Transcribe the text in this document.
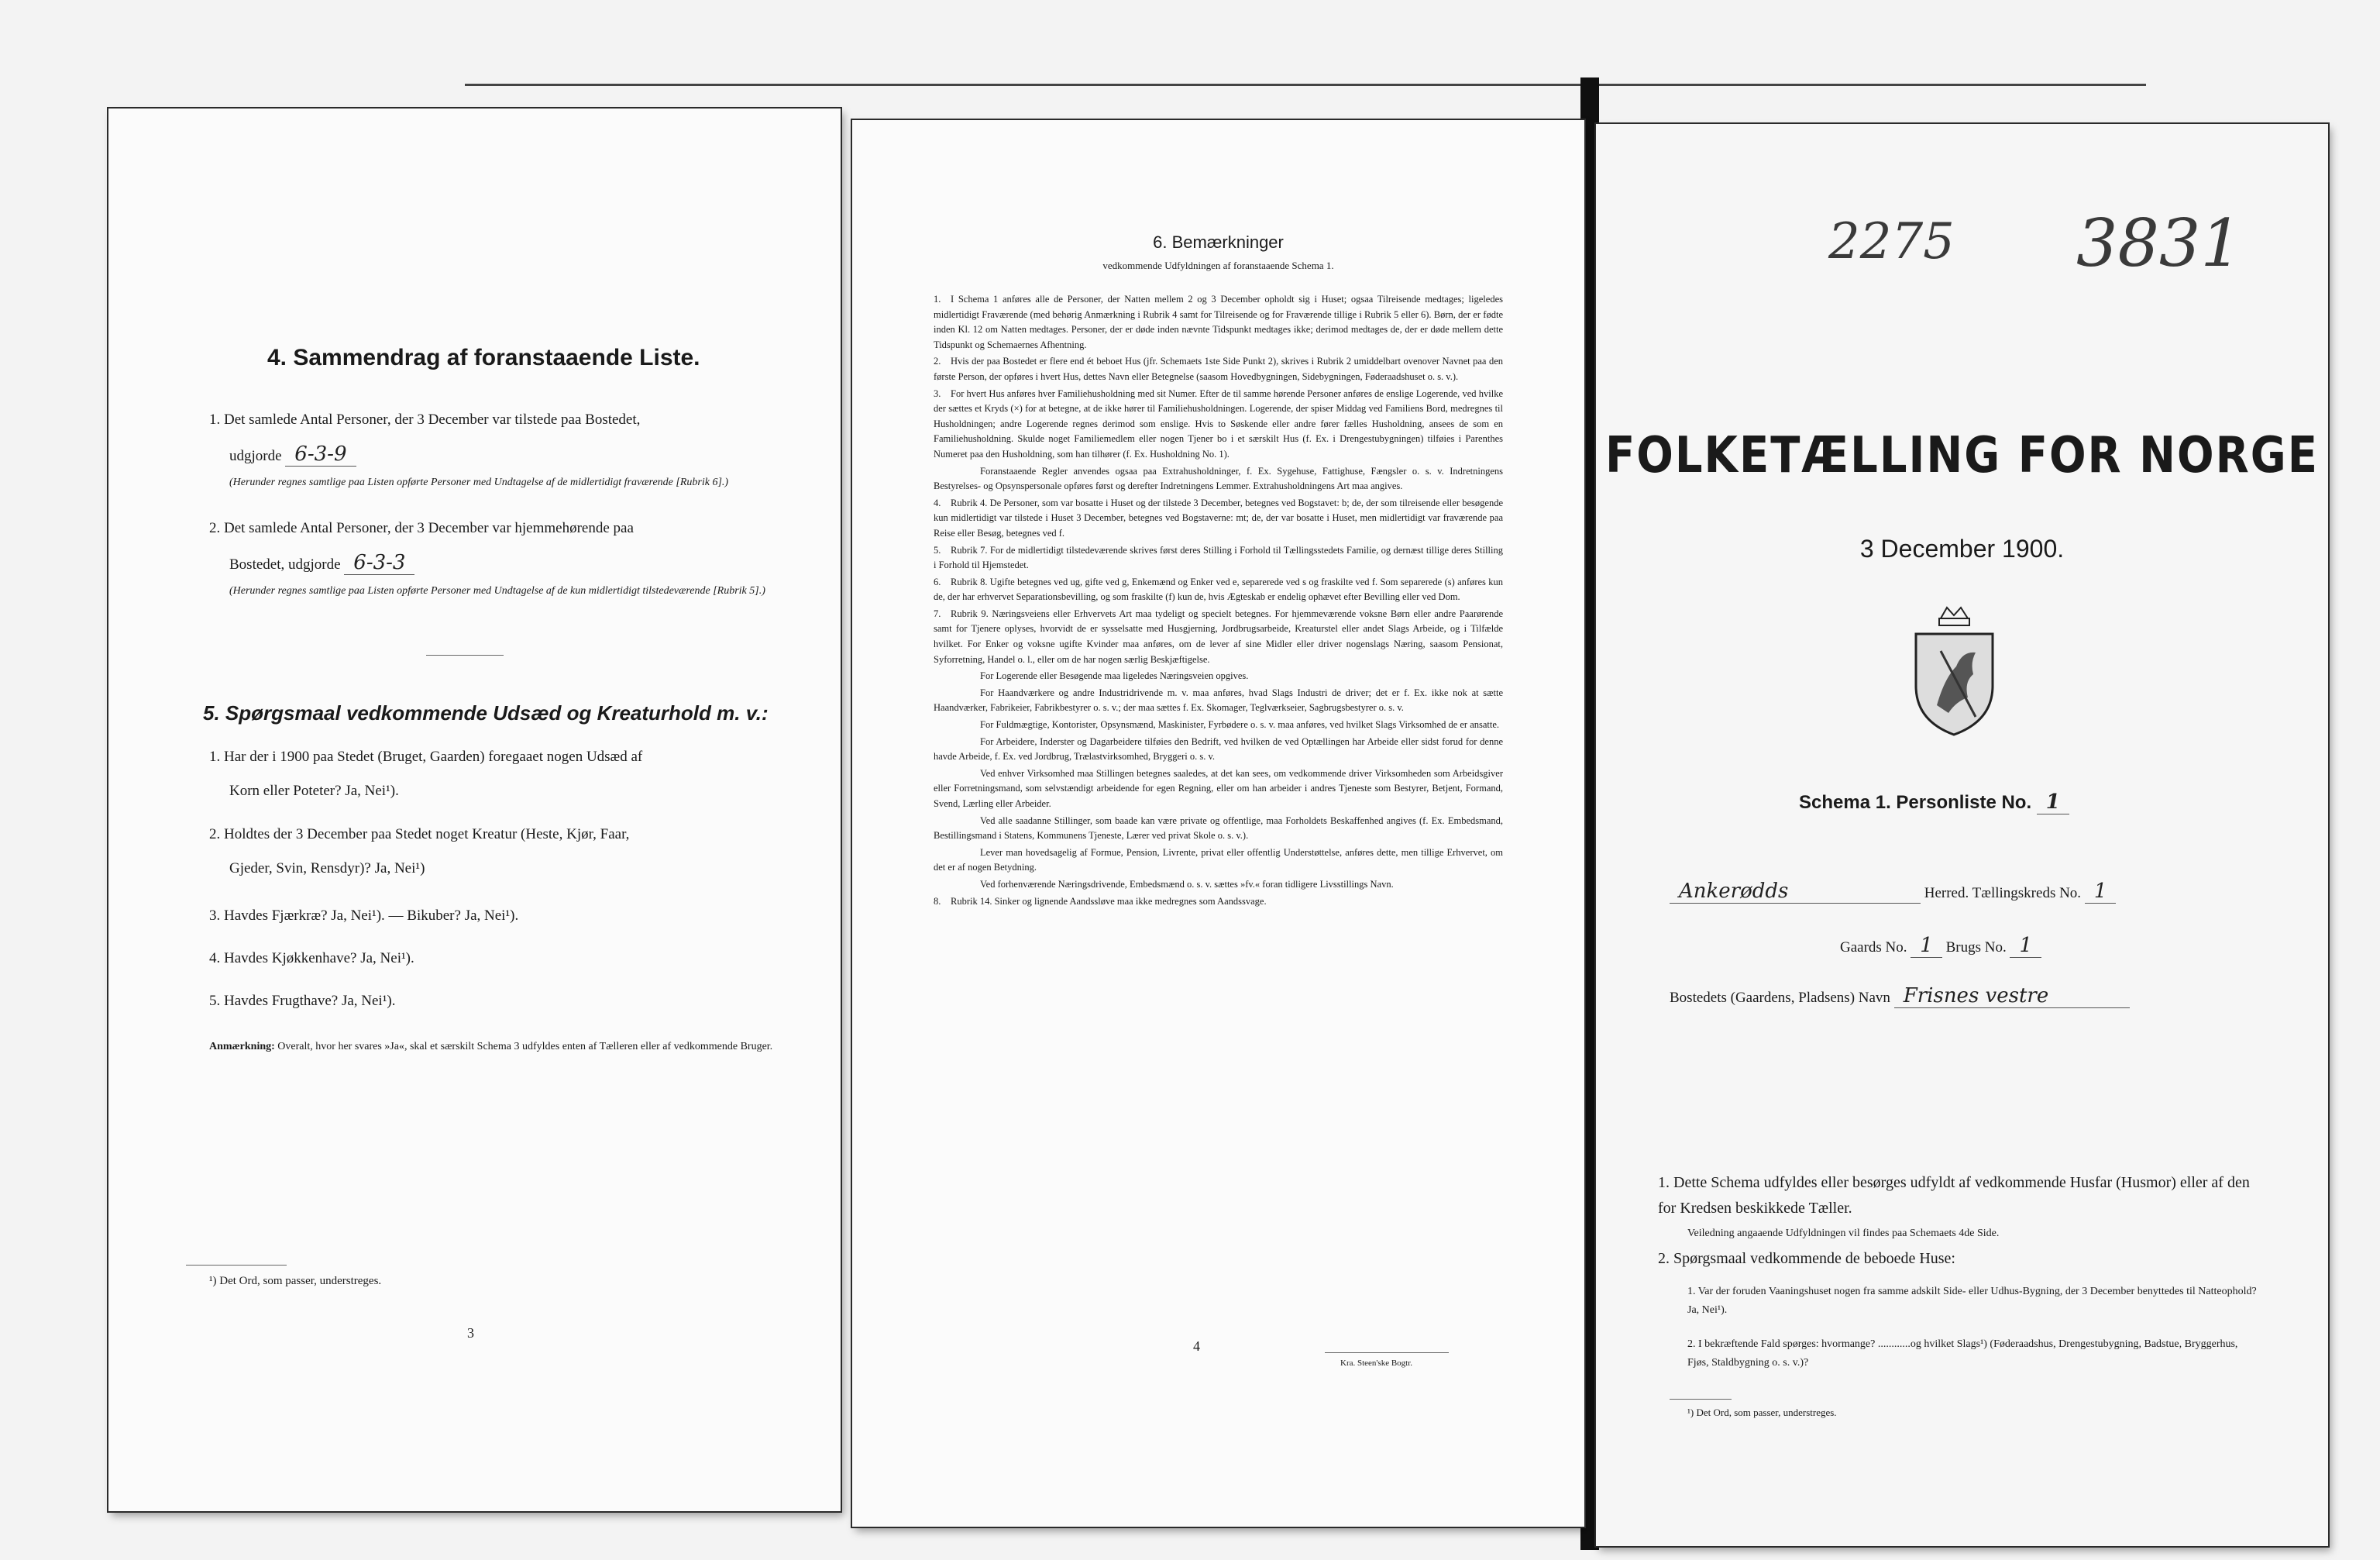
4. Sammendrag af foranstaaende Liste.
1. Det samlede Antal Personer, der 3 December var tilstede paa Bostedet,
udgjorde 6-3-9
(Herunder regnes samtlige paa Listen opførte Personer med Undtagelse af de midlertidigt fraværende [Rubrik 6].)
2. Det samlede Antal Personer, der 3 December var hjemmehørende paa
Bostedet, udgjorde 6-3-3
(Herunder regnes samtlige paa Listen opførte Personer med Undtagelse af de kun midlertidigt tilstedeværende [Rubrik 5].)
5. Spørgsmaal vedkommende Udsæd og Kreaturhold m. v.:
1. Har der i 1900 paa Stedet (Bruget, Gaarden) foregaaet nogen Udsæd af
Korn eller Poteter? Ja, Nei¹).
2. Holdtes der 3 December paa Stedet noget Kreatur (Heste, Kjør, Faar,
Gjeder, Svin, Rensdyr)? Ja, Nei¹)
3. Havdes Fjærkræ? Ja, Nei¹). — Bikuber? Ja, Nei¹).
4. Havdes Kjøkkenhave? Ja, Nei¹).
5. Havdes Frugthave? Ja, Nei¹).
Anmærkning: Overalt, hvor her svares »Ja«, skal et særskilt Schema 3 udfyldes enten af Tælleren eller af vedkommende Bruger.
¹) Det Ord, som passer, understreges.
3
6. Bemærkninger
vedkommende Udfyldningen af foranstaaende Schema 1.
1. I Schema 1 anføres alle de Personer, der Natten mellem 2 og 3 December opholdt sig i Huset; ogsaa Tilreisende medtages; ligeledes midlertidigt Fraværende (med behørig Anmærkning i Rubrik 4 samt for Tilreisende og for Fraværende tillige i Rubrik 5 eller 6). Børn, der er fødte inden Kl. 12 om Natten medtages. Personer, der er døde inden nævnte Tidspunkt medtages ikke; derimod medtages de, der er døde mellem dette Tidspunkt og Schemaernes Afhentning.
2. Hvis der paa Bostedet er flere end ét beboet Hus (jfr. Schemaets 1ste Side Punkt 2), skrives i Rubrik 2 umiddelbart ovenover Navnet paa den første Person, der opføres i hvert Hus, dettes Navn eller Betegnelse (saasom Hovedbygningen, Sidebygningen, Føderaadshuset o. s. v.).
3. For hvert Hus anføres hver Familiehusholdning med sit Numer. Efter de til samme hørende Personer anføres de enslige Logerende, ved hvilke der sættes et Kryds (×) for at betegne, at de ikke hører til Familiehusholdningen. Logerende, der spiser Middag ved Familiens Bord, medregnes til Husholdningen; andre Logerende regnes derimod som enslige. Hvis to Søskende eller andre fører fælles Husholdning, ansees de som en Familiehusholdning. Skulde noget Familiemedlem eller nogen Tjener bo i et særskilt Hus (f. Ex. i Drengestubygningen) tilføies i Parenthes Numeret paa den Husholdning, som han tilhører (f. Ex. Husholdning No. 1).
Foranstaaende Regler anvendes ogsaa paa Extrahusholdninger, f. Ex. Sygehuse, Fattighuse, Fængsler o. s. v. Indretningens Bestyrelses- og Opsynspersonale opføres først og derefter Indretningens Lemmer. Extrahusholdningens Art maa angives.
4. Rubrik 4. De Personer, som var bosatte i Huset og der tilstede 3 December, betegnes ved Bogstavet: b; de, der som tilreisende eller besøgende kun midlertidigt var tilstede i Huset 3 December, betegnes ved Bogstaverne: mt; de, der var bosatte i Huset, men midlertidigt var fraværende paa Reise eller Besøg, betegnes ved f.
5. Rubrik 7. For de midlertidigt tilstedeværende skrives først deres Stilling i Forhold til Tællingsstedets Familie, og dernæst tillige deres Stilling i Forhold til Hjemstedet.
6. Rubrik 8. Ugifte betegnes ved ug, gifte ved g, Enkemænd og Enker ved e, separerede ved s og fraskilte ved f. Som separerede (s) anføres kun de, der har erhvervet Separationsbevilling, og som fraskilte (f) kun de, hvis Ægteskab er endelig ophævet efter Bevilling eller ved Dom.
7. Rubrik 9. Næringsveiens eller Erhvervets Art maa tydeligt og specielt betegnes. For hjemmeværende voksne Børn eller andre Paarørende samt for Tjenere oplyses, hvorvidt de er sysselsatte med Husgjerning, Jordbrugsarbeide, Kreaturstel eller andet Slags Arbeide, og i Tilfælde hvilket. For Enker og voksne ugifte Kvinder maa anføres, om de lever af sine Midler eller driver nogenslags Næring, saasom Pensionat, Syforretning, Handel o. l., eller om de har nogen særlig Beskjæftigelse.
For Logerende eller Besøgende maa ligeledes Næringsveien opgives.
For Haandværkere og andre Industridrivende m. v. maa anføres, hvad Slags Industri de driver; det er f. Ex. ikke nok at sætte Haandværker, Fabrikeier, Fabrikbestyrer o. s. v.; der maa sættes f. Ex. Skomager, Teglværkseier, Sagbrugsbestyrer o. s. v.
For Fuldmægtige, Kontorister, Opsynsmænd, Maskinister, Fyrbødere o. s. v. maa anføres, ved hvilket Slags Virksomhed de er ansatte.
For Arbeidere, Inderster og Dagarbeidere tilføies den Bedrift, ved hvilken de ved Optællingen har Arbeide eller sidst forud for denne havde Arbeide, f. Ex. ved Jordbrug, Trælastvirksomhed, Bryggeri o. s. v.
Ved enhver Virksomhed maa Stillingen betegnes saaledes, at det kan sees, om vedkommende driver Virksomheden som Arbeidsgiver eller Forretningsmand, som selvstændigt arbeidende for egen Regning, eller om han arbeider i andres Tjeneste som Bestyrer, Betjent, Formand, Svend, Lærling eller Arbeider.
Ved alle saadanne Stillinger, som baade kan være private og offentlige, maa Forholdets Beskaffenhed angives (f. Ex. Embedsmand, Bestillingsmand i Statens, Kommunens Tjeneste, Lærer ved privat Skole o. s. v.).
Lever man hovedsagelig af Formue, Pension, Livrente, privat eller offentlig Understøttelse, anføres dette, men tillige Erhvervet, om det er af nogen Betydning.
Ved forhenværende Næringsdrivende, Embedsmænd o. s. v. sættes »fv.« foran tidligere Livsstillings Navn.
8. Rubrik 14. Sinker og lignende Aandssløve maa ikke medregnes som Aandssvage.
4
Kra. Steen'ske Bogtr.
2275 3831
FOLKETÆLLING FOR NORGE
3 December 1900.
Schema 1. Personliste No. 1
Ankerødds	Herred. Tællingskreds No. 1
Gaards No. 1 Brugs No. 1
Bostedets (Gaardens, Pladsens) Navn Frisnes vestre
1. Dette Schema udfyldes eller besørges udfyldt af vedkommende Husfar (Husmor) eller af den for Kredsen beskikkede Tæller.
Veiledning angaaende Udfyldningen vil findes paa Schemaets 4de Side.
2. Spørgsmaal vedkommende de beboede Huse:
1. Var der foruden Vaaningshuset nogen fra samme adskilt Side- eller Udhus-Bygning, der 3 December benyttedes til Natteophold? Ja, Nei¹).
2. I bekræftende Fald spørges: hvormange? ............og hvilket Slags¹) (Føderaadshus, Drengestubygning, Badstue, Bryggerhus, Fjøs, Staldbygning o. s. v.)?
¹) Det Ord, som passer, understreges.
